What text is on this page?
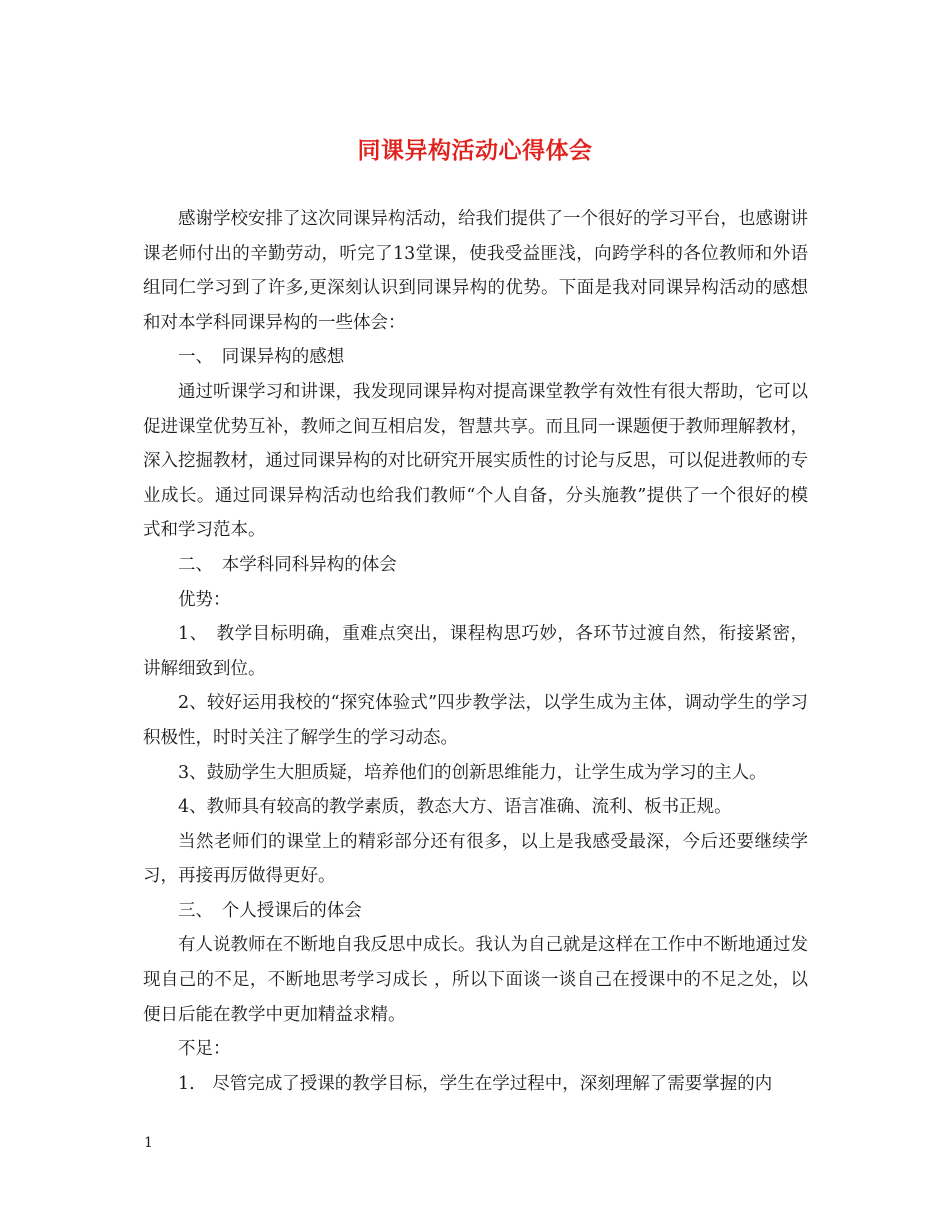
同课异构活动心得体会

感谢学校安排了这次同课异构活动，给我们提供了一个很好的学习平台，也感谢讲课老师付出的辛勤劳动，听完了13堂课，使我受益匪浅，向跨学科的各位教师和外语组同仁学习到了许多,更深刻认识到同课异构的优势。下面是我对同课异构活动的感想和对本学科同课异构的一些体会：

一、　同课异构的感想

通过听课学习和讲课，我发现同课异构对提高课堂教学有效性有很大帮助，它可以促进课堂优势互补，教师之间互相启发，智慧共享。而且同一课题便于教师理解教材，深入挖掘教材，通过同课异构的对比研究开展实质性的讨论与反思，可以促进教师的专业成长。通过同课异构活动也给我们教师“个人自备，分头施教”提供了一个很好的模式和学习范本。

二、　本学科同科异构的体会

优势：

1、　教学目标明确，重难点突出，课程构思巧妙，各环节过渡自然，衔接紧密，讲解细致到位。

2、较好运用我校的“探究体验式”四步教学法，以学生成为主体，调动学生的学习积极性，时时关注了解学生的学习动态。

3、鼓励学生大胆质疑，培养他们的创新思维能力，让学生成为学习的主人。

4、教师具有较高的教学素质，教态大方、语言准确、流利、板书正规。

当然老师们的课堂上的精彩部分还有很多，以上是我感受最深，今后还要继续学习，再接再厉做得更好。

三、　个人授课后的体会

有人说教师在不断地自我反思中成长。我认为自己就是这样在工作中不断地通过发现自己的不足，不断地思考学习成长 ，所以下面谈一谈自己在授课中的不足之处，以便日后能在教学中更加精益求精。

不足：

1.　尽管完成了授课的教学目标，学生在学过程中，深刻理解了需要掌握的内

1
